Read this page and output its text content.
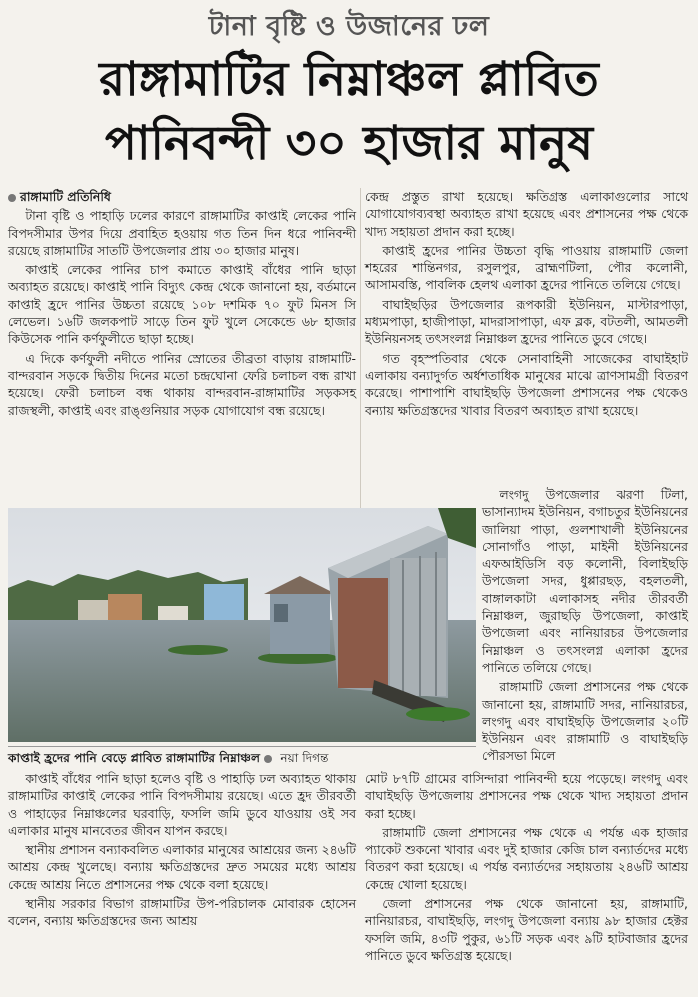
টানা বৃষ্টি ও উজানের ঢল
রাঙ্গামাটির নিম্নাঞ্চল প্লাবিত
পানিবন্দী ৩০ হাজার মানুষ
রাঙ্গামাটি প্রতিনিধি

টানা বৃষ্টি ও পাহাড়ি ঢলের কারণে রাঙ্গামাটির কাপ্তাই লেকের পানি বিপদসীমার উপর দিয়ে প্রবাহিত হওয়ায় গত তিন দিন ধরে পানিবন্দী রয়েছে রাঙ্গামাটির সাতটি উপজেলার প্রায় ৩০ হাজার মানুষ।

কাপ্তাই লেকের পানির চাপ কমাতে কাপ্তাই বাঁধের পানি ছাড়া অব্যাহত রয়েছে। কাপ্তাই পানি বিদ্যুৎ কেন্দ্র থেকে জানানো হয়, বর্তমানে কাপ্তাই হ্রদে পানির উচ্চতা রয়েছে ১০৮ দশমিক ৭০ ফুট মিনস সি লেভেল। ১৬টি জলকপাট সাড়ে তিন ফুট খুলে সেকেন্ডে ৬৮ হাজার কিউসেক পানি কর্ণফুলীতে ছাড়া হচ্ছে।

এ দিকে কর্ণফুলী নদীতে পানির স্রোতের তীব্রতা বাড়ায় রাঙ্গামাটি-বান্দরবান সড়কে দ্বিতীয় দিনের মতো চন্দ্রঘোনা ফেরি চলাচল বন্ধ রাখা হয়েছে। ফেরী চলাচল বন্ধ থাকায় বান্দরবান-রাঙ্গামাটির সড়কসহ রাজস্থলী, কাপ্তাই এবং রাঙ্গুনিয়ার সড়ক যোগাযোগ বন্ধ রয়েছে।

কেন্দ্র প্রস্তুত রাখা হয়েছে। ক্ষতিগ্রস্ত এলাকাগুলোর সাথে যোগাযোগব্যবস্থা অব্যাহত রাখা হয়েছে এবং প্রশাসনের পক্ষ থেকে খাদ্য সহায়তা প্রদান করা হচ্ছে।

কাপ্তাই হ্রদের পানির উচ্চতা বৃদ্ধি পাওয়ায় রাঙ্গামাটি জেলা শহরের শান্তিনগর, রসুলপুর, ব্রাহ্মণটিলা, পৌর কলোনী, আসামবস্তি, পাবলিক হেলথ এলাকা হ্রদের পানিতে তলিয়ে গেছে।

বাঘাইছড়ির উপজেলার রূপকারী ইউনিয়ন, মাস্টারপাড়া, মধ্যমপাড়া, হাজীপাড়া, মাদরাসাপাড়া, এফ ব্লক, বটতলী, আমতলী ইউনিয়নসহ তৎসংলগ্ন নিম্নাঞ্চল হ্রদের পানিতে ডুবে গেছে।

গত বৃহস্পতিবার থেকে সেনাবাহিনী সাজেকের বাঘাইহাট এলাকায় বন্যাদুর্গত অর্ধশতাধিক মানুষের মাঝে ত্রাণসামগ্রী বিতরণ করেছে। পাশাপাশি বাঘাইছড়ি উপজেলা প্রশাসনের পক্ষ থেকেও বন্যায় ক্ষতিগ্রস্তদের খাবার বিতরণ অব্যাহত রাখা হয়েছে।

লংগদু উপজেলার ঝরণা টিলা, ভাসান্যাদম ইউনিয়ন, বগাচতুর ইউনিয়নের জালিয়া পাড়া, গুলশাখালী ইউনিয়নের সোনাগাঁও পাড়া, মাইনী ইউনিয়নের এফআইডিসি বড় কলোনী, বিলাইছড়ি উপজেলা সদর, ধুপ্পারছড়, বহলতলী, বাঙ্গালকাটা এলাকাসহ নদীর তীরবর্তী নিম্নাঞ্চল, জুরাছড়ি উপজেলা, কাপ্তাই উপজেলা এবং নানিয়ারচর উপজেলার নিম্নাঞ্চল ও তৎসংলগ্ন এলাকা হ্রদের পানিতে তলিয়ে গেছে।

রাঙ্গামাটি জেলা প্রশাসনের পক্ষ থেকে জানানো হয়, রাঙ্গামাটি সদর, নানিয়ারচর, লংগদু এবং বাঘাইছড়ি উপজেলার ২০টি ইউনিয়ন এবং রাঙ্গামাটি ও বাঘাইছড়ি পৌরসভা মিলে

কাপ্তাই হ্রদের পানি বেড়ে প্লাবিত রাঙ্গামাটির নিম্নাঞ্চল নয়া দিগন্ত

কাপ্তাই বাঁধের পানি ছাড়া হলেও বৃষ্টি ও পাহাড়ি ঢল অব্যাহত থাকায় রাঙ্গামাটির কাপ্তাই লেকের পানি বিপদসীমায় রয়েছে। এতে হ্রদ তীরবর্তী ও পাহাড়ের নিম্নাঞ্চলের ঘরবাড়ি, ফসলি জমি ডুবে যাওয়ায় ওই সব এলাকার মানুষ মানবেতর জীবন যাপন করছে।

স্থানীয় প্রশাসন বন্যাকবলিত এলাকার মানুষের আশ্রয়ের জন্য ২৪৬টি আশ্রয় কেন্দ্র খুলেছে। বন্যায় ক্ষতিগ্রস্তদের দ্রুত সময়ের মধ্যে আশ্রয় কেন্দ্রে আশ্রয় নিতে প্রশাসনের পক্ষ থেকে বলা হয়েছে।

স্থানীয় সরকার বিভাগ রাঙ্গামাটির উপ-পরিচালক মোবারক হোসেন বলেন, বন্যায় ক্ষতিগ্রস্তদের জন্য আশ্রয়

মোট ৮৭টি গ্রামের বাসিন্দারা পানিবন্দী হয়ে পড়েছে। লংগদু এবং বাঘাইছড়ি উপজেলায় প্রশাসনের পক্ষ থেকে খাদ্য সহায়তা প্রদান করা হচ্ছে।

রাঙ্গামাটি জেলা প্রশাসনের পক্ষ থেকে এ পর্যন্ত এক হাজার প্যাকেট শুকনো খাবার এবং দুই হাজার কেজি চাল বন্যার্তদের মধ্যে বিতরণ করা হয়েছে। এ পর্যন্ত বন্যার্তদের সহায়তায় ২৪৬টি আশ্রয় কেন্দ্রে খোলা হয়েছে।

জেলা প্রশাসনের পক্ষ থেকে জানানো হয়, রাঙ্গামাটি, নানিয়ারচর, বাঘাইছড়ি, লংগদু উপজেলা বন্যায় ৯৮ হাজার হেক্টর ফসলি জমি, ৪৩টি পুকুর, ৬১টি সড়ক এবং ৯টি হাটবাজার হ্রদের পানিতে ডুবে ক্ষতিগ্রস্ত হয়েছে।
